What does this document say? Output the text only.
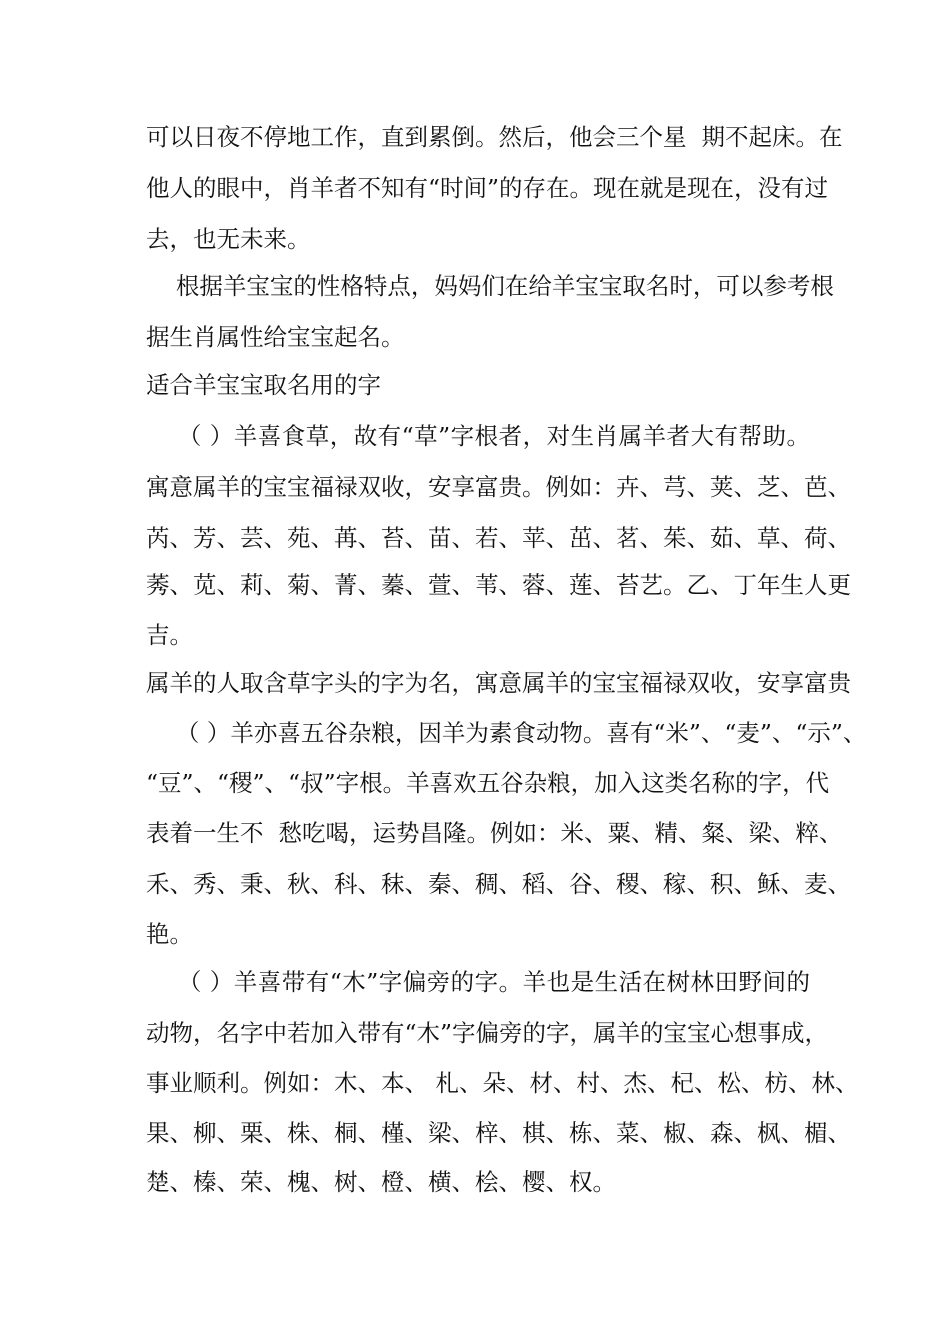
可以日夜不停地工作，直到累倒。然后，他会三个星  期不起床。在
他人的眼中，肖羊者不知有“时间”的存在。现在就是现在，没有过
去，也无未来。
根据羊宝宝的性格特点，妈妈们在给羊宝宝取名时，可以参考根
据生肖属性给宝宝起名。
适合羊宝宝取名用的字
（ ）羊喜食草，故有“草”字根者，对生肖属羊者大有帮助。
寓意属羊的宝宝福禄双收，安享富贵。例如：卉、芎、荚、芝、芭、
芮、芳、芸、苑、苒、苔、苗、若、苹、茁、茗、茱、茹、草、荷、
莠、苋、莉、菊、菁、蓁、萱、苇、蓉、莲、苔艺。乙、丁年生人更
吉。
属羊的人取含草字头的字为名，寓意属羊的宝宝福禄双收，安享富贵
（ ）羊亦喜五谷杂粮，因羊为素食动物。喜有“米”、“麦”、“示”、
“豆”、“稷”、“叔”字根。羊喜欢五谷杂粮，加入这类名称的字，代
表着一生不  愁吃喝，运势昌隆。例如：米、粟、精、粲、梁、粹、
禾、秀、秉、秋、科、秣、秦、稠、稻、谷、稷、稼、积、稣、麦、
艳。
（ ）羊喜带有“木”字偏旁的字。羊也是生活在树林田野间的
动物，名字中若加入带有“木”字偏旁的字，属羊的宝宝心想事成，
事业顺利。例如：木、本、 札、朵、材、村、杰、杞、松、枋、林、
果、柳、栗、株、桐、槿、梁、梓、棋、栋、菜、椒、森、枫、楣、
楚、榛、荣、槐、树、橙、横、桧、樱、权。
